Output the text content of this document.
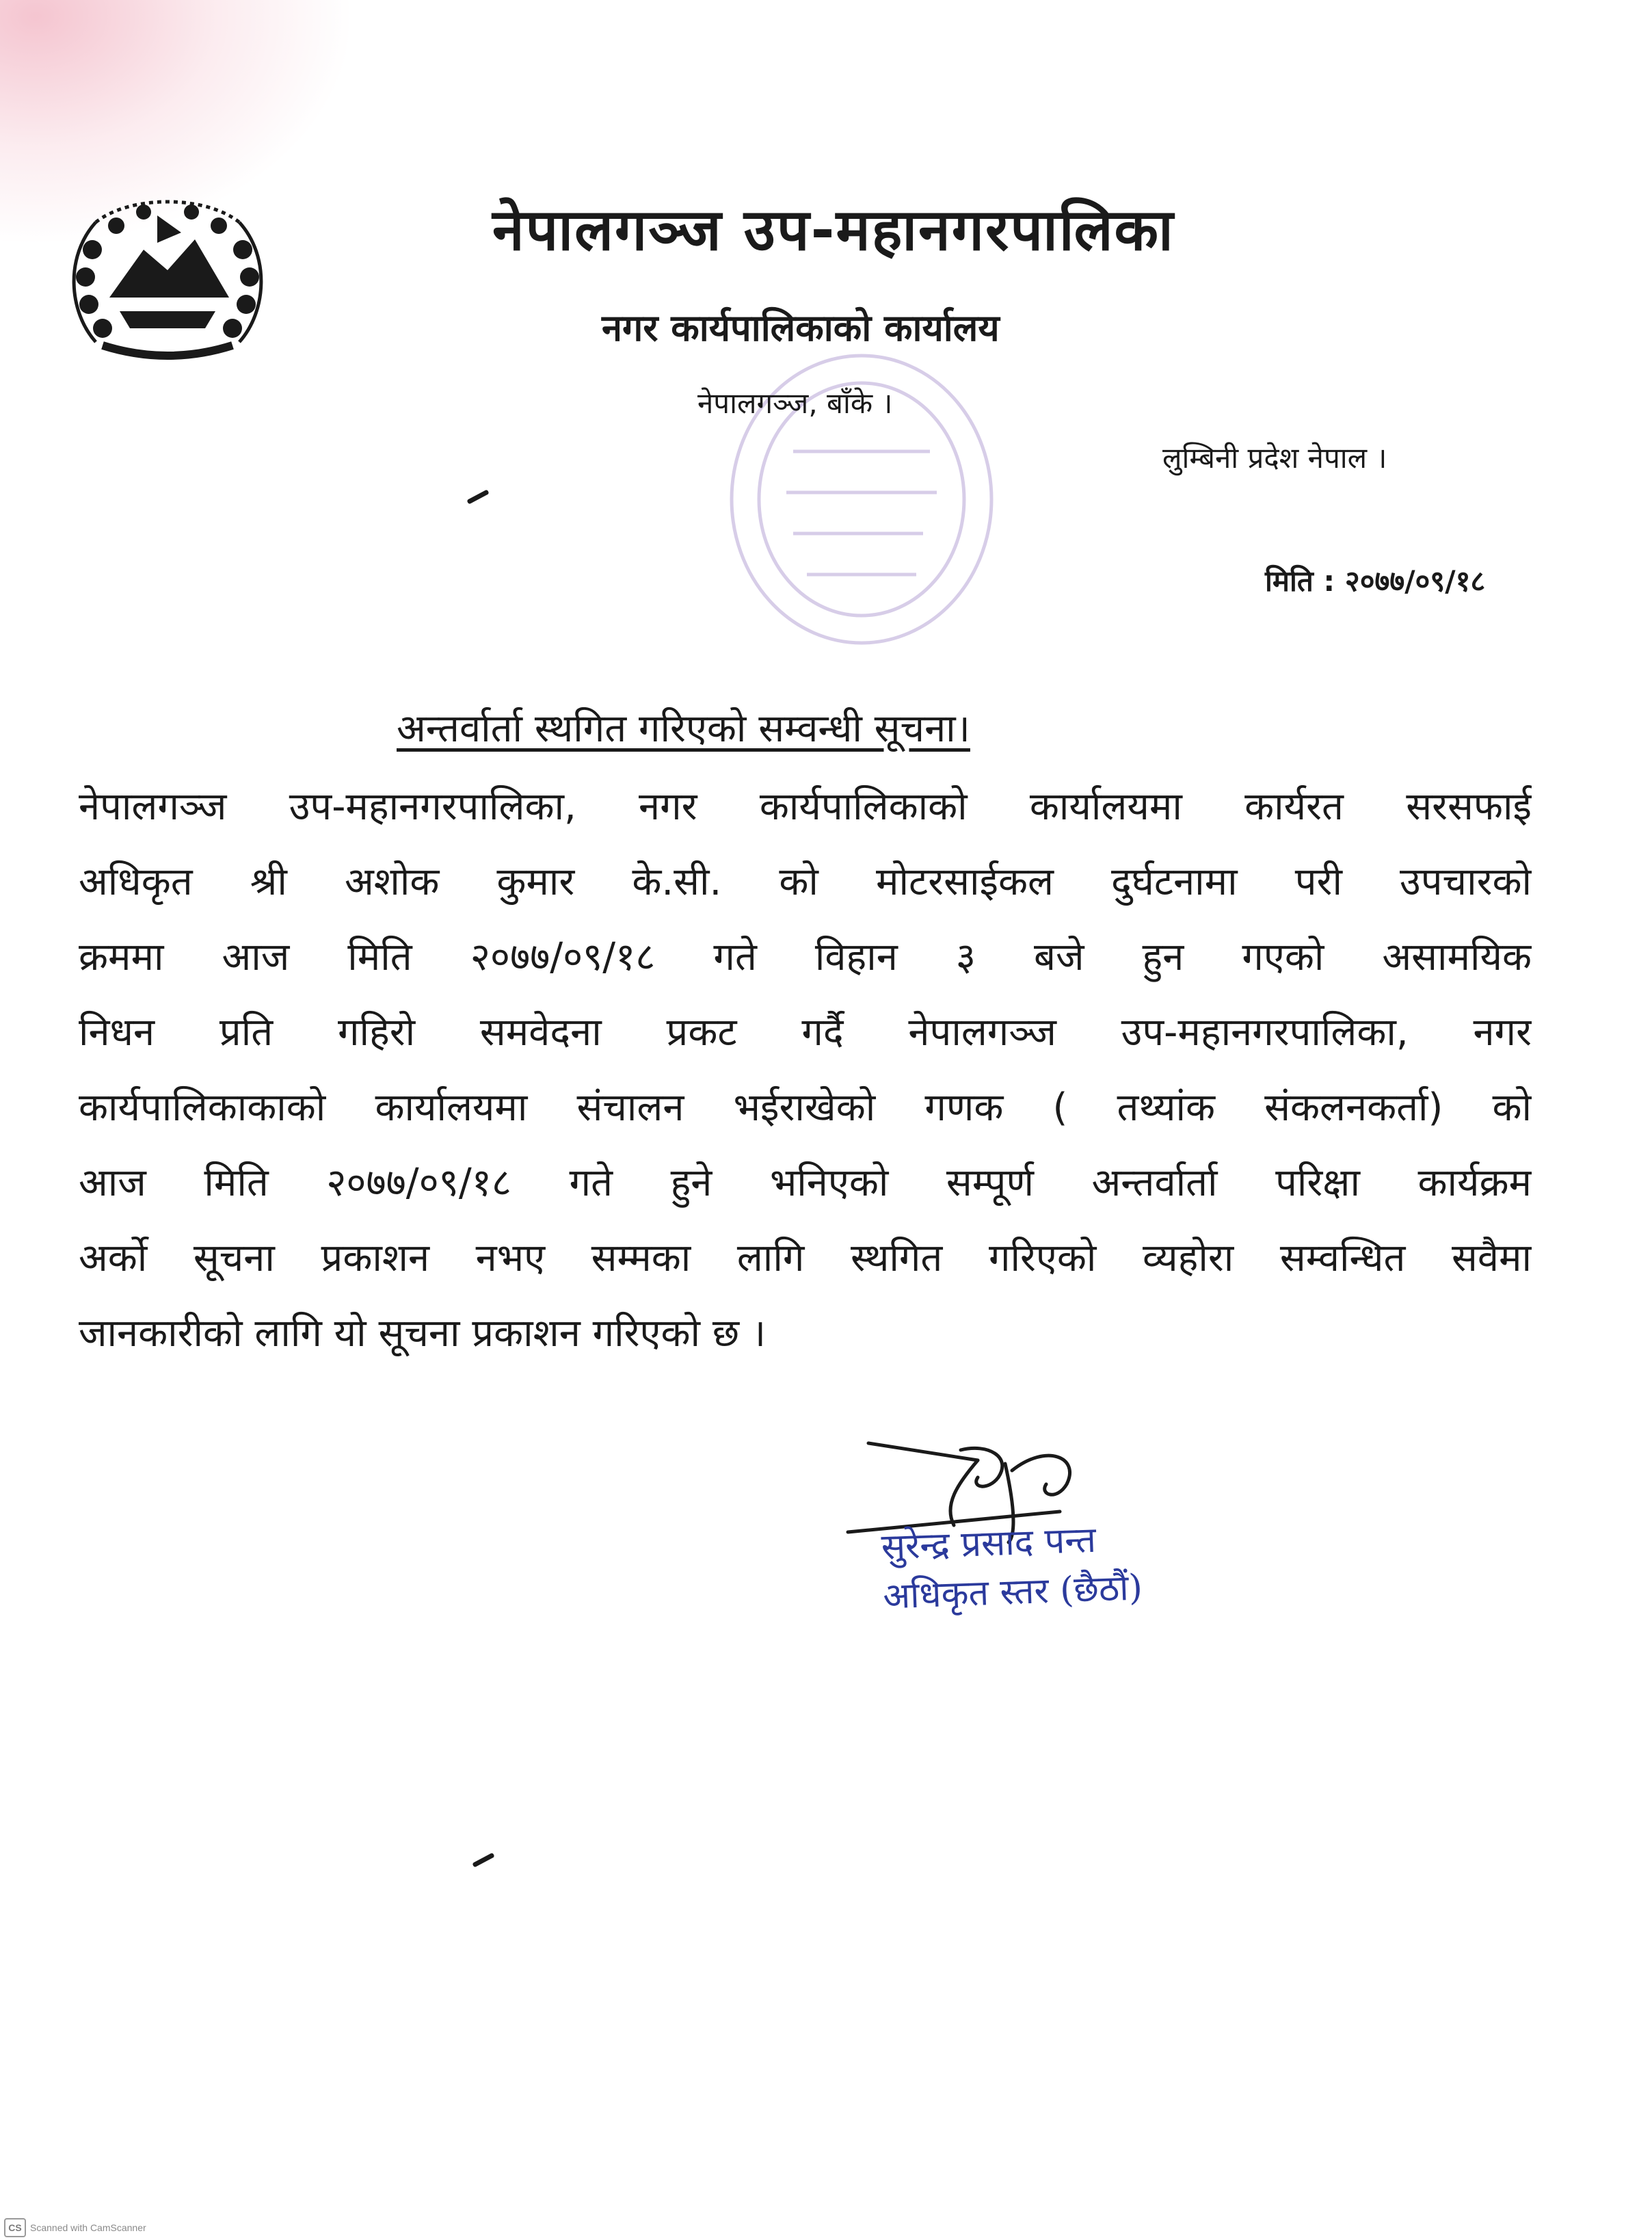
नेपालगञ्ज उप-महानगरपालिका
नगर कार्यपालिकाको कार्यालय
नेपालगञ्ज, बाँके ।
लुम्बिनी प्रदेश नेपाल ।
मिति : २०७७/०९/१८
अन्तर्वार्ता स्थगित गरिएको सम्वन्धी सूचना।
नेपालगञ्ज उप-महानगरपालिका, नगर कार्यपालिकाको कार्यालयमा कार्यरत सरसफाई
अधिकृत श्री अशोक कुमार के.सी. को मोटरसाईकल दुर्घटनामा परी उपचारको
क्रममा आज मिति २०७७/०९/१८ गते विहान ३ बजे हुन गएको असामयिक
निधन प्रति गहिरो समवेदना प्रकट गर्दै नेपालगञ्ज उप-महानगरपालिका, नगर
कार्यपालिकाकाको कार्यालयमा संचालन भईराखेको गणक ( तथ्यांक संकलनकर्ता) को
आज मिति २०७७/०९/१८ गते हुने भनिएको सम्पूर्ण अन्तर्वार्ता परिक्षा कार्यक्रम
अर्को सूचना प्रकाशन नभए सम्मका लागि स्थगित गरिएको व्यहोरा सम्वन्धित सवैमा
जानकारीको लागि यो सूचना प्रकाशन गरिएको छ ।
सुरेन्द्र प्रसाद पन्त
अधिकृत स्तर (छैठौं)
CS Scanned with CamScanner
